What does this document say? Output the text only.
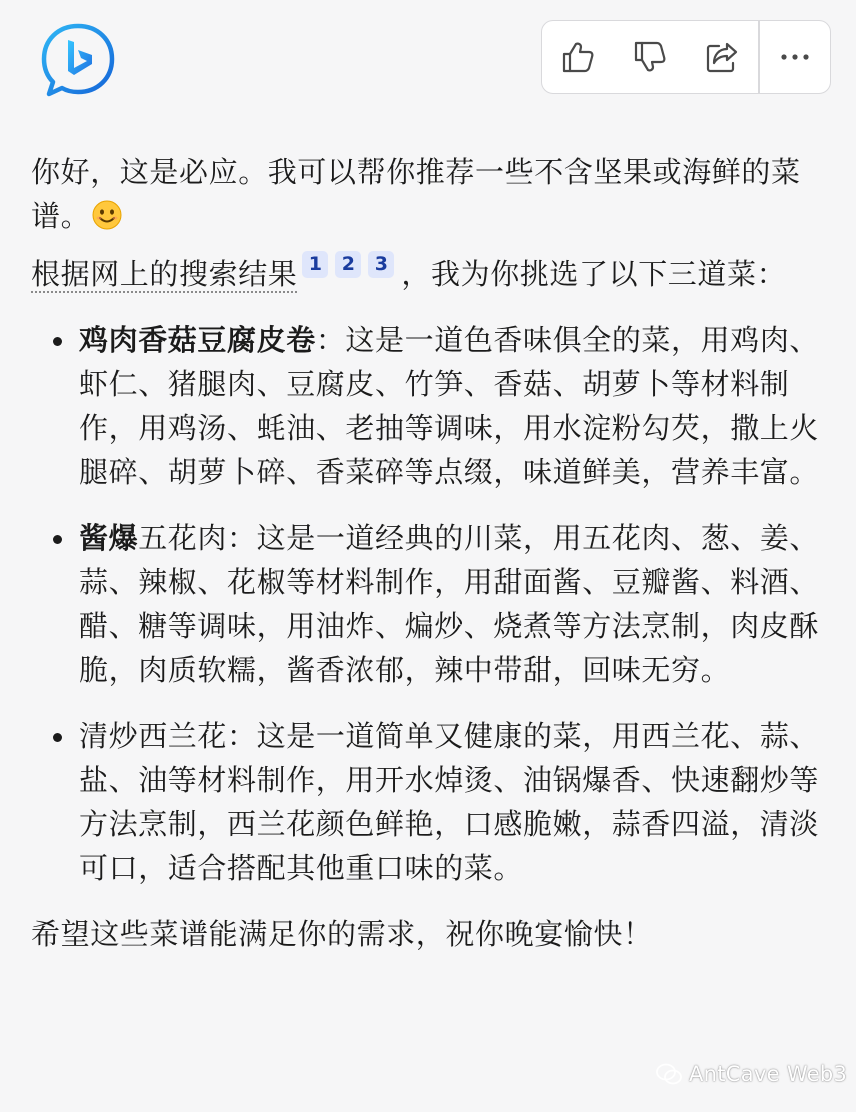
你好，这是必应。我可以帮你推荐一些不含坚果或海鲜的菜谱。

根据网上的搜索结果 1 2 3 ，我为你挑选了以下三道菜：

鸡肉香菇豆腐皮卷：这是一道色香味俱全的菜，用鸡肉、虾仁、猪腿肉、豆腐皮、竹笋、香菇、胡萝卜等材料制作，用鸡汤、蚝油、老抽等调味，用水淀粉勾芡，撒上火腿碎、胡萝卜碎、香菜碎等点缀，味道鲜美，营养丰富。
酱爆五花肉：这是一道经典的川菜，用五花肉、葱、姜、蒜、辣椒、花椒等材料制作，用甜面酱、豆瓣酱、料酒、醋、糖等调味，用油炸、煸炒、烧煮等方法烹制，肉皮酥脆，肉质软糯，酱香浓郁，辣中带甜，回味无穷。
清炒西兰花：这是一道简单又健康的菜，用西兰花、蒜、盐、油等材料制作，用开水焯烫、油锅爆香、快速翻炒等方法烹制，西兰花颜色鲜艳，口感脆嫩，蒜香四溢，清淡可口，适合搭配其他重口味的菜。

希望这些菜谱能满足你的需求，祝你晚宴愉快！

AntCave Web3
